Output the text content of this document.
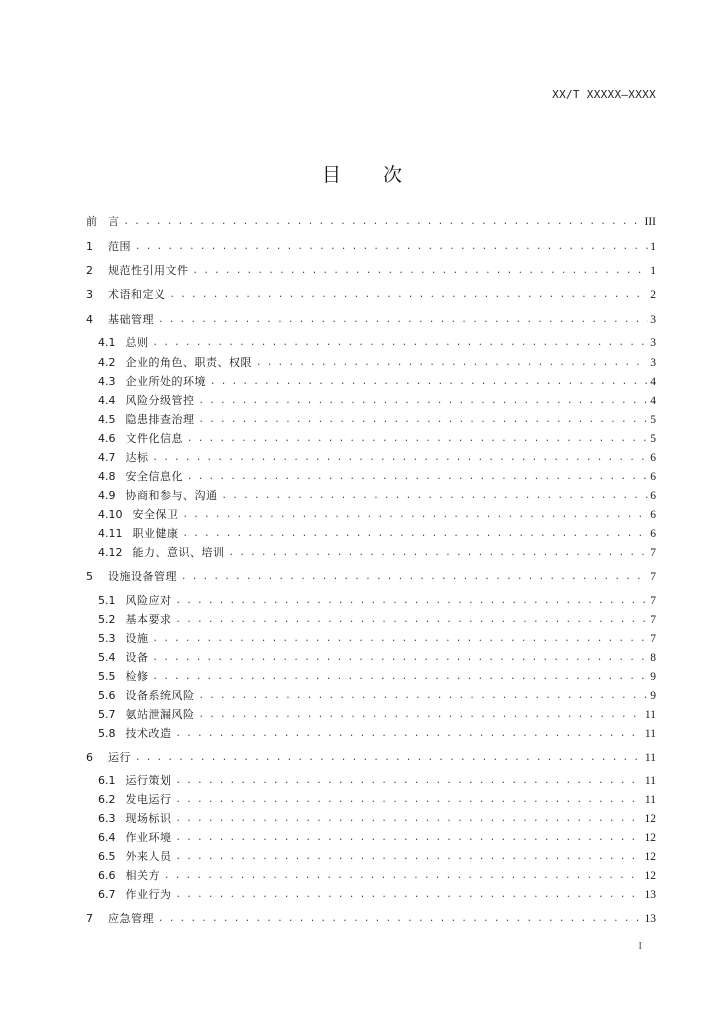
XX/T XXXXX—XXXX
目 次
前 言 . . .	III
1	范围 . . .	1
2	规范性引用文件 . . .	1
3	术语和定义 . . .	2
4	基础管理 . . .	3
4.1 总则 . . .	3
4.2 企业的角色、职责、权限 . . .	3
4.3 企业所处的环境 . . .	4
4.4 风险分级管控 . . .	4
4.5 隐患排查治理 . . .	5
4.6 文件化信息 . . .	5
4.7 达标 . . .	6
4.8 安全信息化 . . .	6
4.9 协商和参与、沟通 . . .	6
4.10 安全保卫 . . .	6
4.11 职业健康 . . .	6
4.12 能力、意识、培训 . . .	7
5	设施设备管理 . . .	7
5.1 风险应对 . . .	7
5.2 基本要求 . . .	7
5.3 设施 . . .	7
5.4 设备 . . .	8
5.5 检修 . . .	9
5.6 设备系统风险 . . .	9
5.7 氨站泄漏风险 . . .	11
5.8 技术改造 . . .	11
6	运行 . . .	11
6.1 运行策划 . . .	11
6.2 发电运行 . . .	11
6.3 现场标识 . . .	12
6.4 作业环境 . . .	12
6.5 外来人员 . . .	12
6.6 相关方 . . .	12
6.7 作业行为 . . .	13
7	应急管理 . . .	13
I
